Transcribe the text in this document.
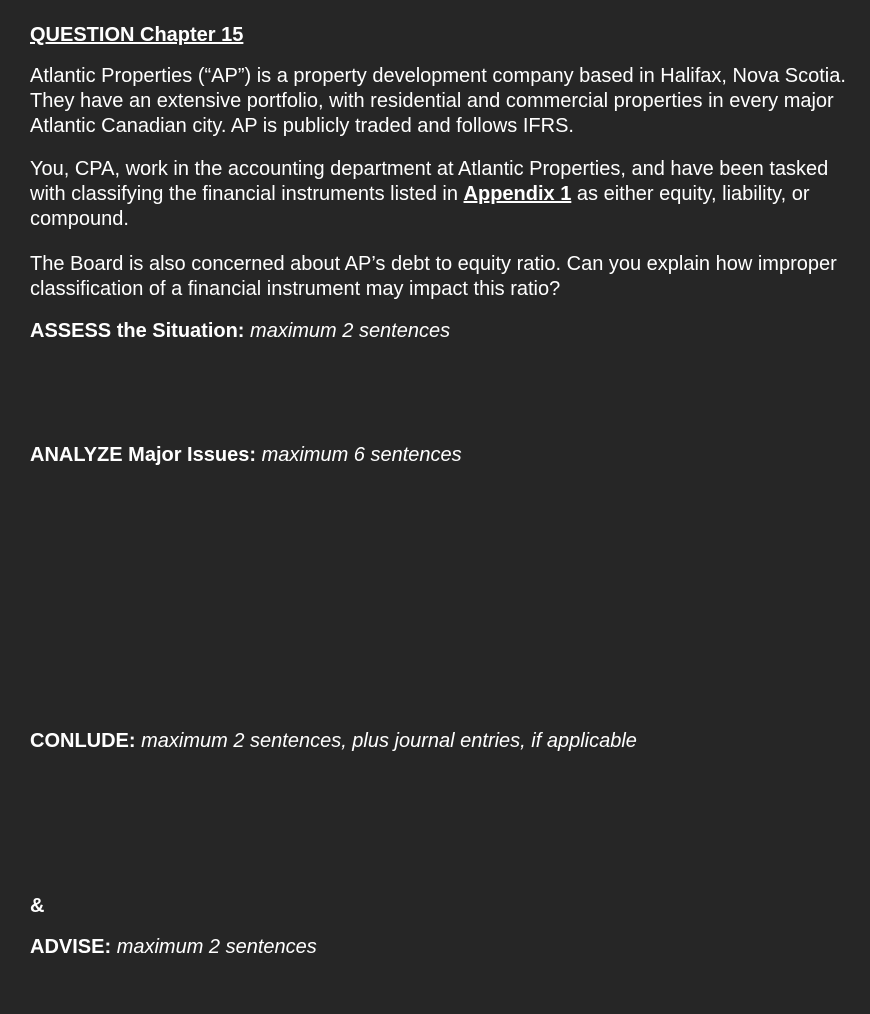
QUESTION Chapter 15

Atlantic Properties (“AP”) is a property development company based in Halifax, Nova Scotia. They have an extensive portfolio, with residential and commercial properties in every major Atlantic Canadian city. AP is publicly traded and follows IFRS.

You, CPA, work in the accounting department at Atlantic Properties, and have been tasked with classifying the financial instruments listed in Appendix 1 as either equity, liability, or compound.

The Board is also concerned about AP’s debt to equity ratio. Can you explain how improper classification of a financial instrument may impact this ratio?

ASSESS the Situation: maximum 2 sentences

ANALYZE Major Issues: maximum 6 sentences

CONLUDE: maximum 2 sentences, plus journal entries, if applicable

&

ADVISE: maximum 2 sentences
